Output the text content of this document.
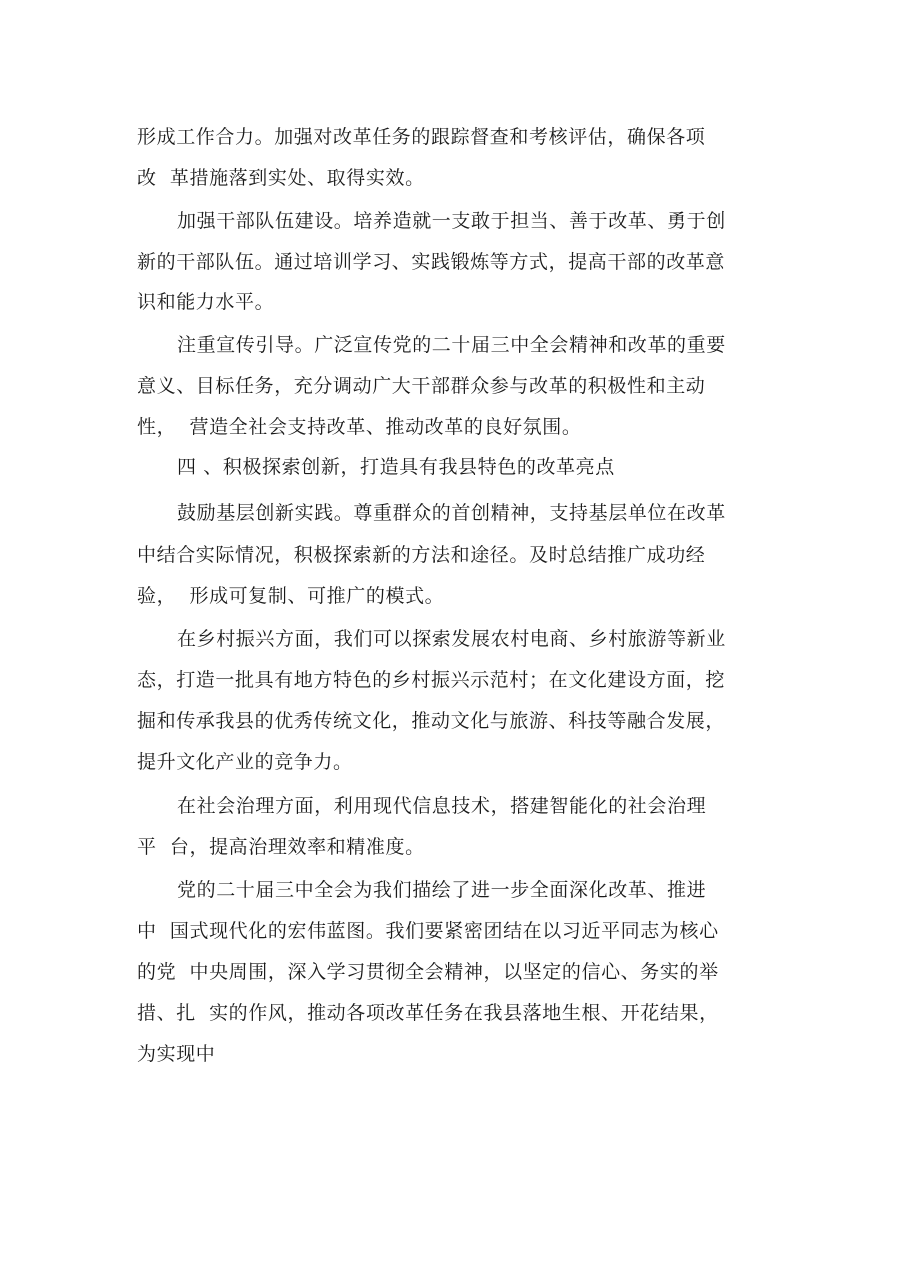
形成工作合力。加强对改革任务的跟踪督查和考核评估，确保各项
改  革措施落到实处、取得实效。
加强干部队伍建设。培养造就一支敢于担当、善于改革、勇于创
新的干部队伍。通过培训学习、实践锻炼等方式，提高干部的改革意
识和能力水平。
注重宣传引导。广泛宣传党的二十届三中全会精神和改革的重要
意义、目标任务，充分调动广大干部群众参与改革的积极性和主动
性，  营造全社会支持改革、推动改革的良好氛围。
四 、积极探索创新，打造具有我县特色的改革亮点
鼓励基层创新实践。尊重群众的首创精神，支持基层单位在改革
中结合实际情况，积极探索新的方法和途径。及时总结推广成功经
验，  形成可复制、可推广的模式。
在乡村振兴方面，我们可以探索发展农村电商、乡村旅游等新业
态，打造一批具有地方特色的乡村振兴示范村；在文化建设方面，挖
掘和传承我县的优秀传统文化，推动文化与旅游、科技等融合发展，
提升文化产业的竞争力。
在社会治理方面，利用现代信息技术，搭建智能化的社会治理
平  台，提高治理效率和精准度。
党的二十届三中全会为我们描绘了进一步全面深化改革、推进
中  国式现代化的宏伟蓝图。我们要紧密团结在以习近平同志为核心
的党  中央周围，深入学习贯彻全会精神，以坚定的信心、务实的举
措、扎  实的作风，推动各项改革任务在我县落地生根、开花结果，
为实现中
